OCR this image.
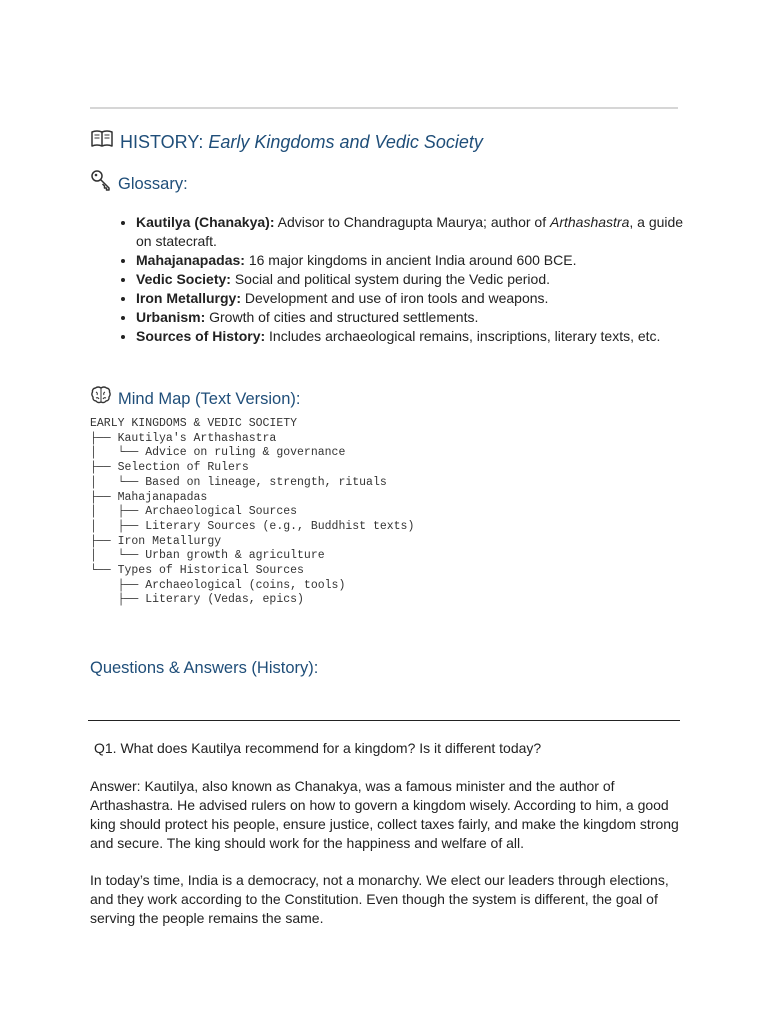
HISTORY:
Early Kingdoms and Vedic Society
Glossary:
• Kautilya (Chanakya): Advisor to Chandragupta Maurya; author of Arthashastra, a guide on statecraft.
• Mahajanapadas: 16 major kingdoms in ancient India around 600 BCE.
• Vedic Society: Social and political system during the Vedic period.
• Iron Metallurgy: Development and use of iron tools and weapons.
• Urbanism: Growth of cities and structured settlements.
• Sources of History: Includes archaeological remains, inscriptions, literary texts, etc.
Mind Map (Text Version):
EARLY KINGDOMS & VEDIC SOCIETY
├── Kautilya's Arthashastra
│   └── Advice on ruling & governance
├── Selection of Rulers
│   └── Based on lineage, strength, rituals
├── Mahajanapadas
│   ├── Archaeological Sources
│   ├── Literary Sources (e.g., Buddhist texts)
├── Iron Metallurgy
│   └── Urban growth & agriculture
└── Types of Historical Sources
├── Archaeological (coins, tools)
├── Literary (Vedas, epics)
Questions & Answers (History):
Q1. What does Kautilya recommend for a kingdom? Is it different today?

Answer: Kautilya, also known as Chanakya, was a famous minister and the author of Arthashastra. He advised rulers on how to govern a kingdom wisely. According to him, a good king should protect his people, ensure justice, collect taxes fairly, and make the kingdom strong and secure. The king should work for the happiness and welfare of all.

In today’s time, India is a democracy, not a monarchy. We elect our leaders through elections, and they work according to the Constitution. Even though the system is different, the goal of serving the people remains the same.
